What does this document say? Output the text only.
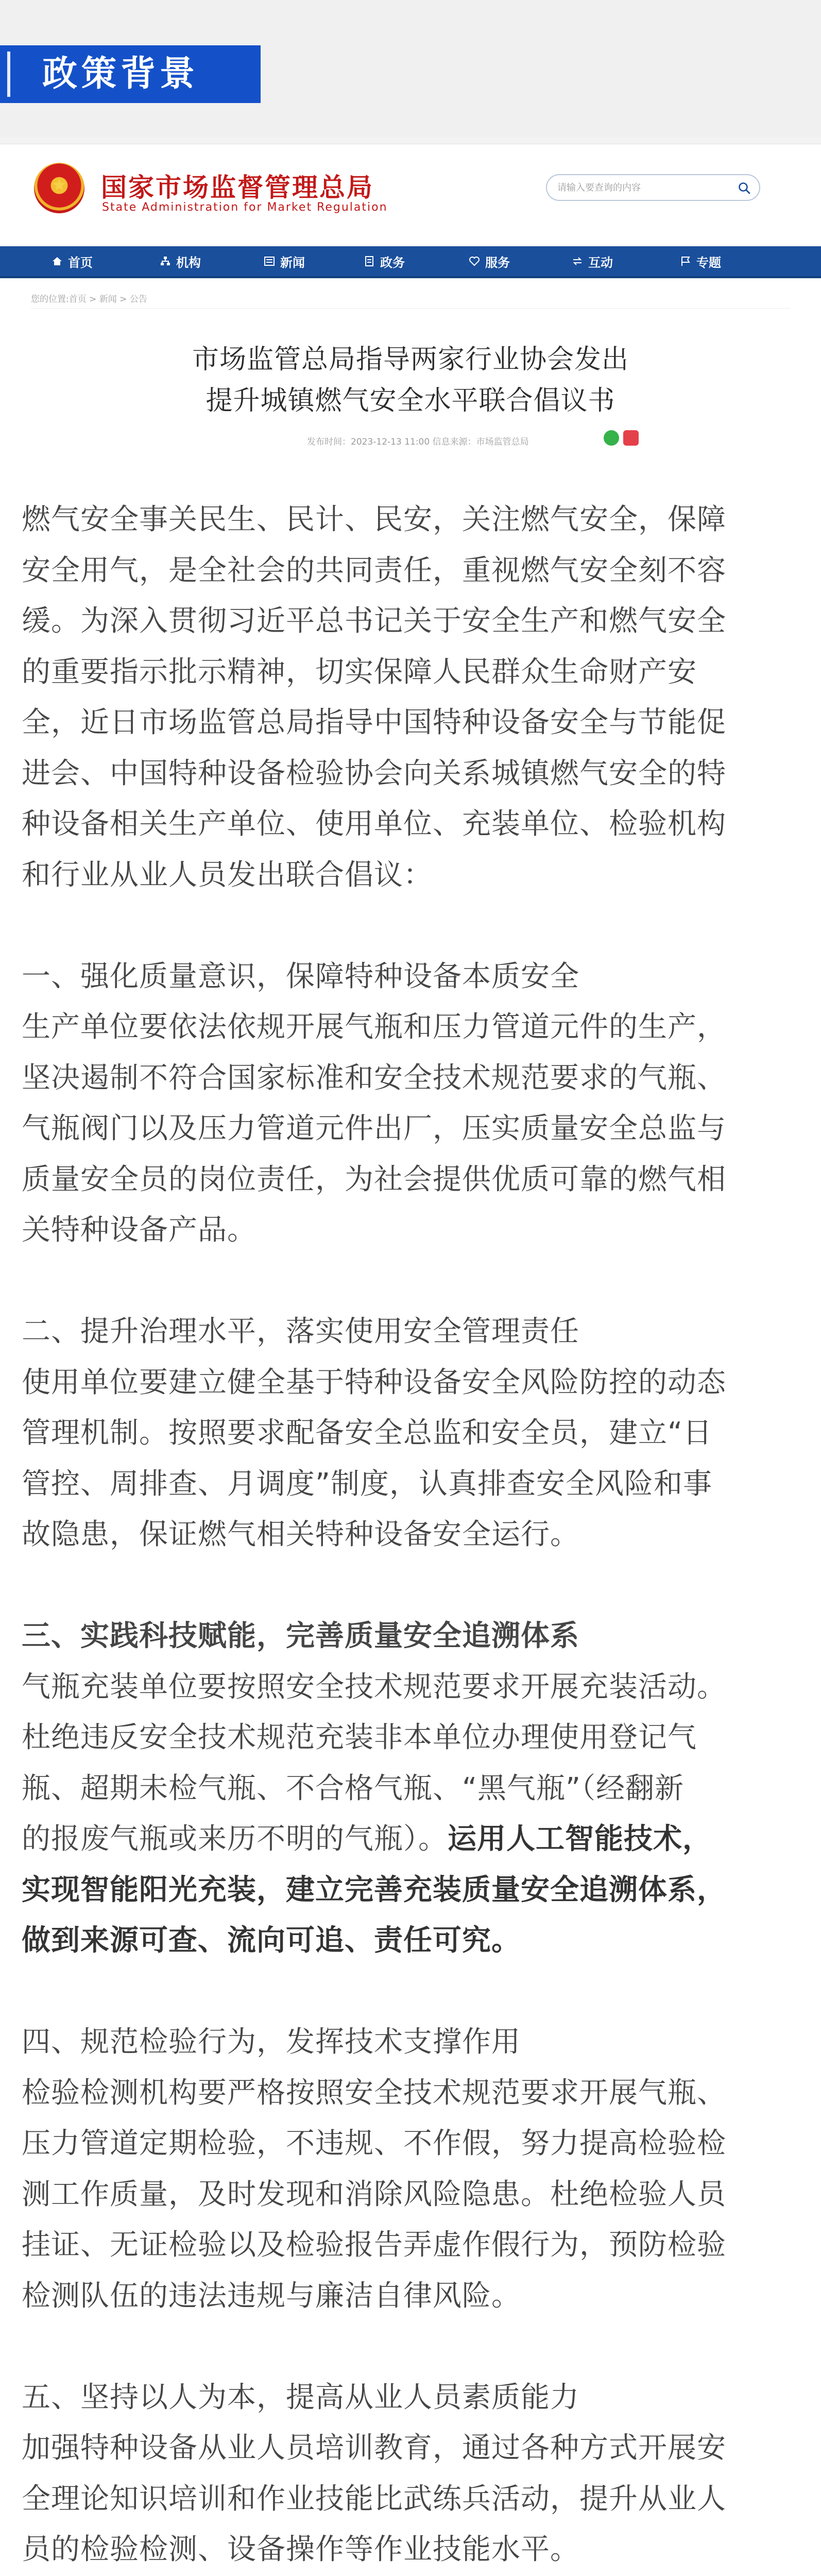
政策背景
国家市场监督管理总局
State Administration for Market Regulation
请输入要查询的内容
首页	机构	新闻	政务	服务	互动	专题
您的位置:首页 > 新闻 > 公告
市场监管总局指导两家行业协会发出
提升城镇燃气安全水平联合倡议书
发布时间：2023-12-13 11:00 信息来源：市场监管总局
燃气安全事关民生、民计、民安，关注燃气安全，保障
安全用气，是全社会的共同责任，重视燃气安全刻不容
缓。为深入贯彻习近平总书记关于安全生产和燃气安全
的重要指示批示精神，切实保障人民群众生命财产安
全，近日市场监管总局指导中国特种设备安全与节能促
进会、中国特种设备检验协会向关系城镇燃气安全的特
种设备相关生产单位、使用单位、充装单位、检验机构
和行业从业人员发出联合倡议：
一、强化质量意识，保障特种设备本质安全
生产单位要依法依规开展气瓶和压力管道元件的生产，
坚决遏制不符合国家标准和安全技术规范要求的气瓶、
气瓶阀门以及压力管道元件出厂，压实质量安全总监与
质量安全员的岗位责任，为社会提供优质可靠的燃气相
关特种设备产品。
二、提升治理水平，落实使用安全管理责任
使用单位要建立健全基于特种设备安全风险防控的动态
管理机制。按照要求配备安全总监和安全员，建立“日
管控、周排查、月调度”制度，认真排查安全风险和事
故隐患，保证燃气相关特种设备安全运行。
三、实践科技赋能，完善质量安全追溯体系
气瓶充装单位要按照安全技术规范要求开展充装活动。
杜绝违反安全技术规范充装非本单位办理使用登记气
瓶、超期未检气瓶、不合格气瓶、“黑气瓶”（经翻新
的报废气瓶或来历不明的气瓶）。运用人工智能技术，
实现智能阳光充装，建立完善充装质量安全追溯体系，
做到来源可查、流向可追、责任可究。
四、规范检验行为，发挥技术支撑作用
检验检测机构要严格按照安全技术规范要求开展气瓶、
压力管道定期检验，不违规、不作假，努力提高检验检
测工作质量，及时发现和消除风险隐患。杜绝检验人员
挂证、无证检验以及检验报告弄虚作假行为，预防检验
检测队伍的违法违规与廉洁自律风险。
五、坚持以人为本，提高从业人员素质能力
加强特种设备从业人员培训教育，通过各种方式开展安
全理论知识培训和作业技能比武练兵活动，提升从业人
员的检验检测、设备操作等作业技能水平。
